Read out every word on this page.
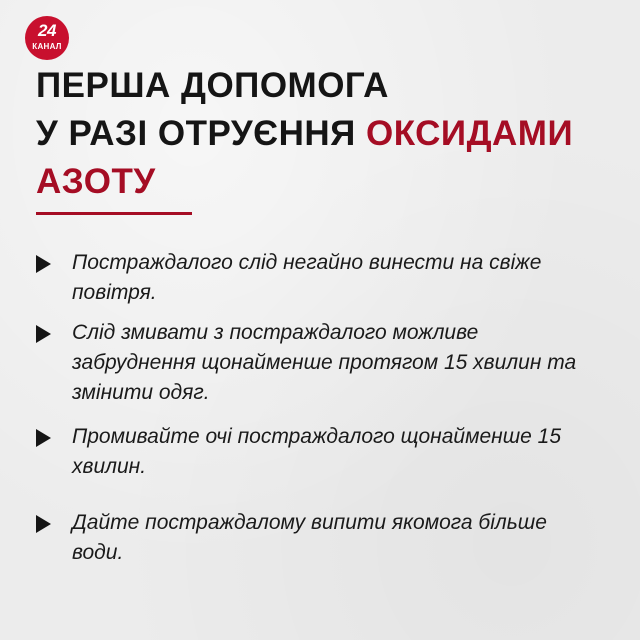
24
КАНАЛ
ПЕРША ДОПОМОГА
У РАЗІ ОТРУЄННЯ ОКСИДАМИ
АЗОТУ
Постраждалого слід негайно винести на свіже повітря.
Слід змивати з постраждалого можливе забруднення щонайменше протягом 15 хвилин та змінити одяг.
Промивайте очі постраждалого щонайменше 15 хвилин.
Дайте постраждалому випити якомога більше води.
